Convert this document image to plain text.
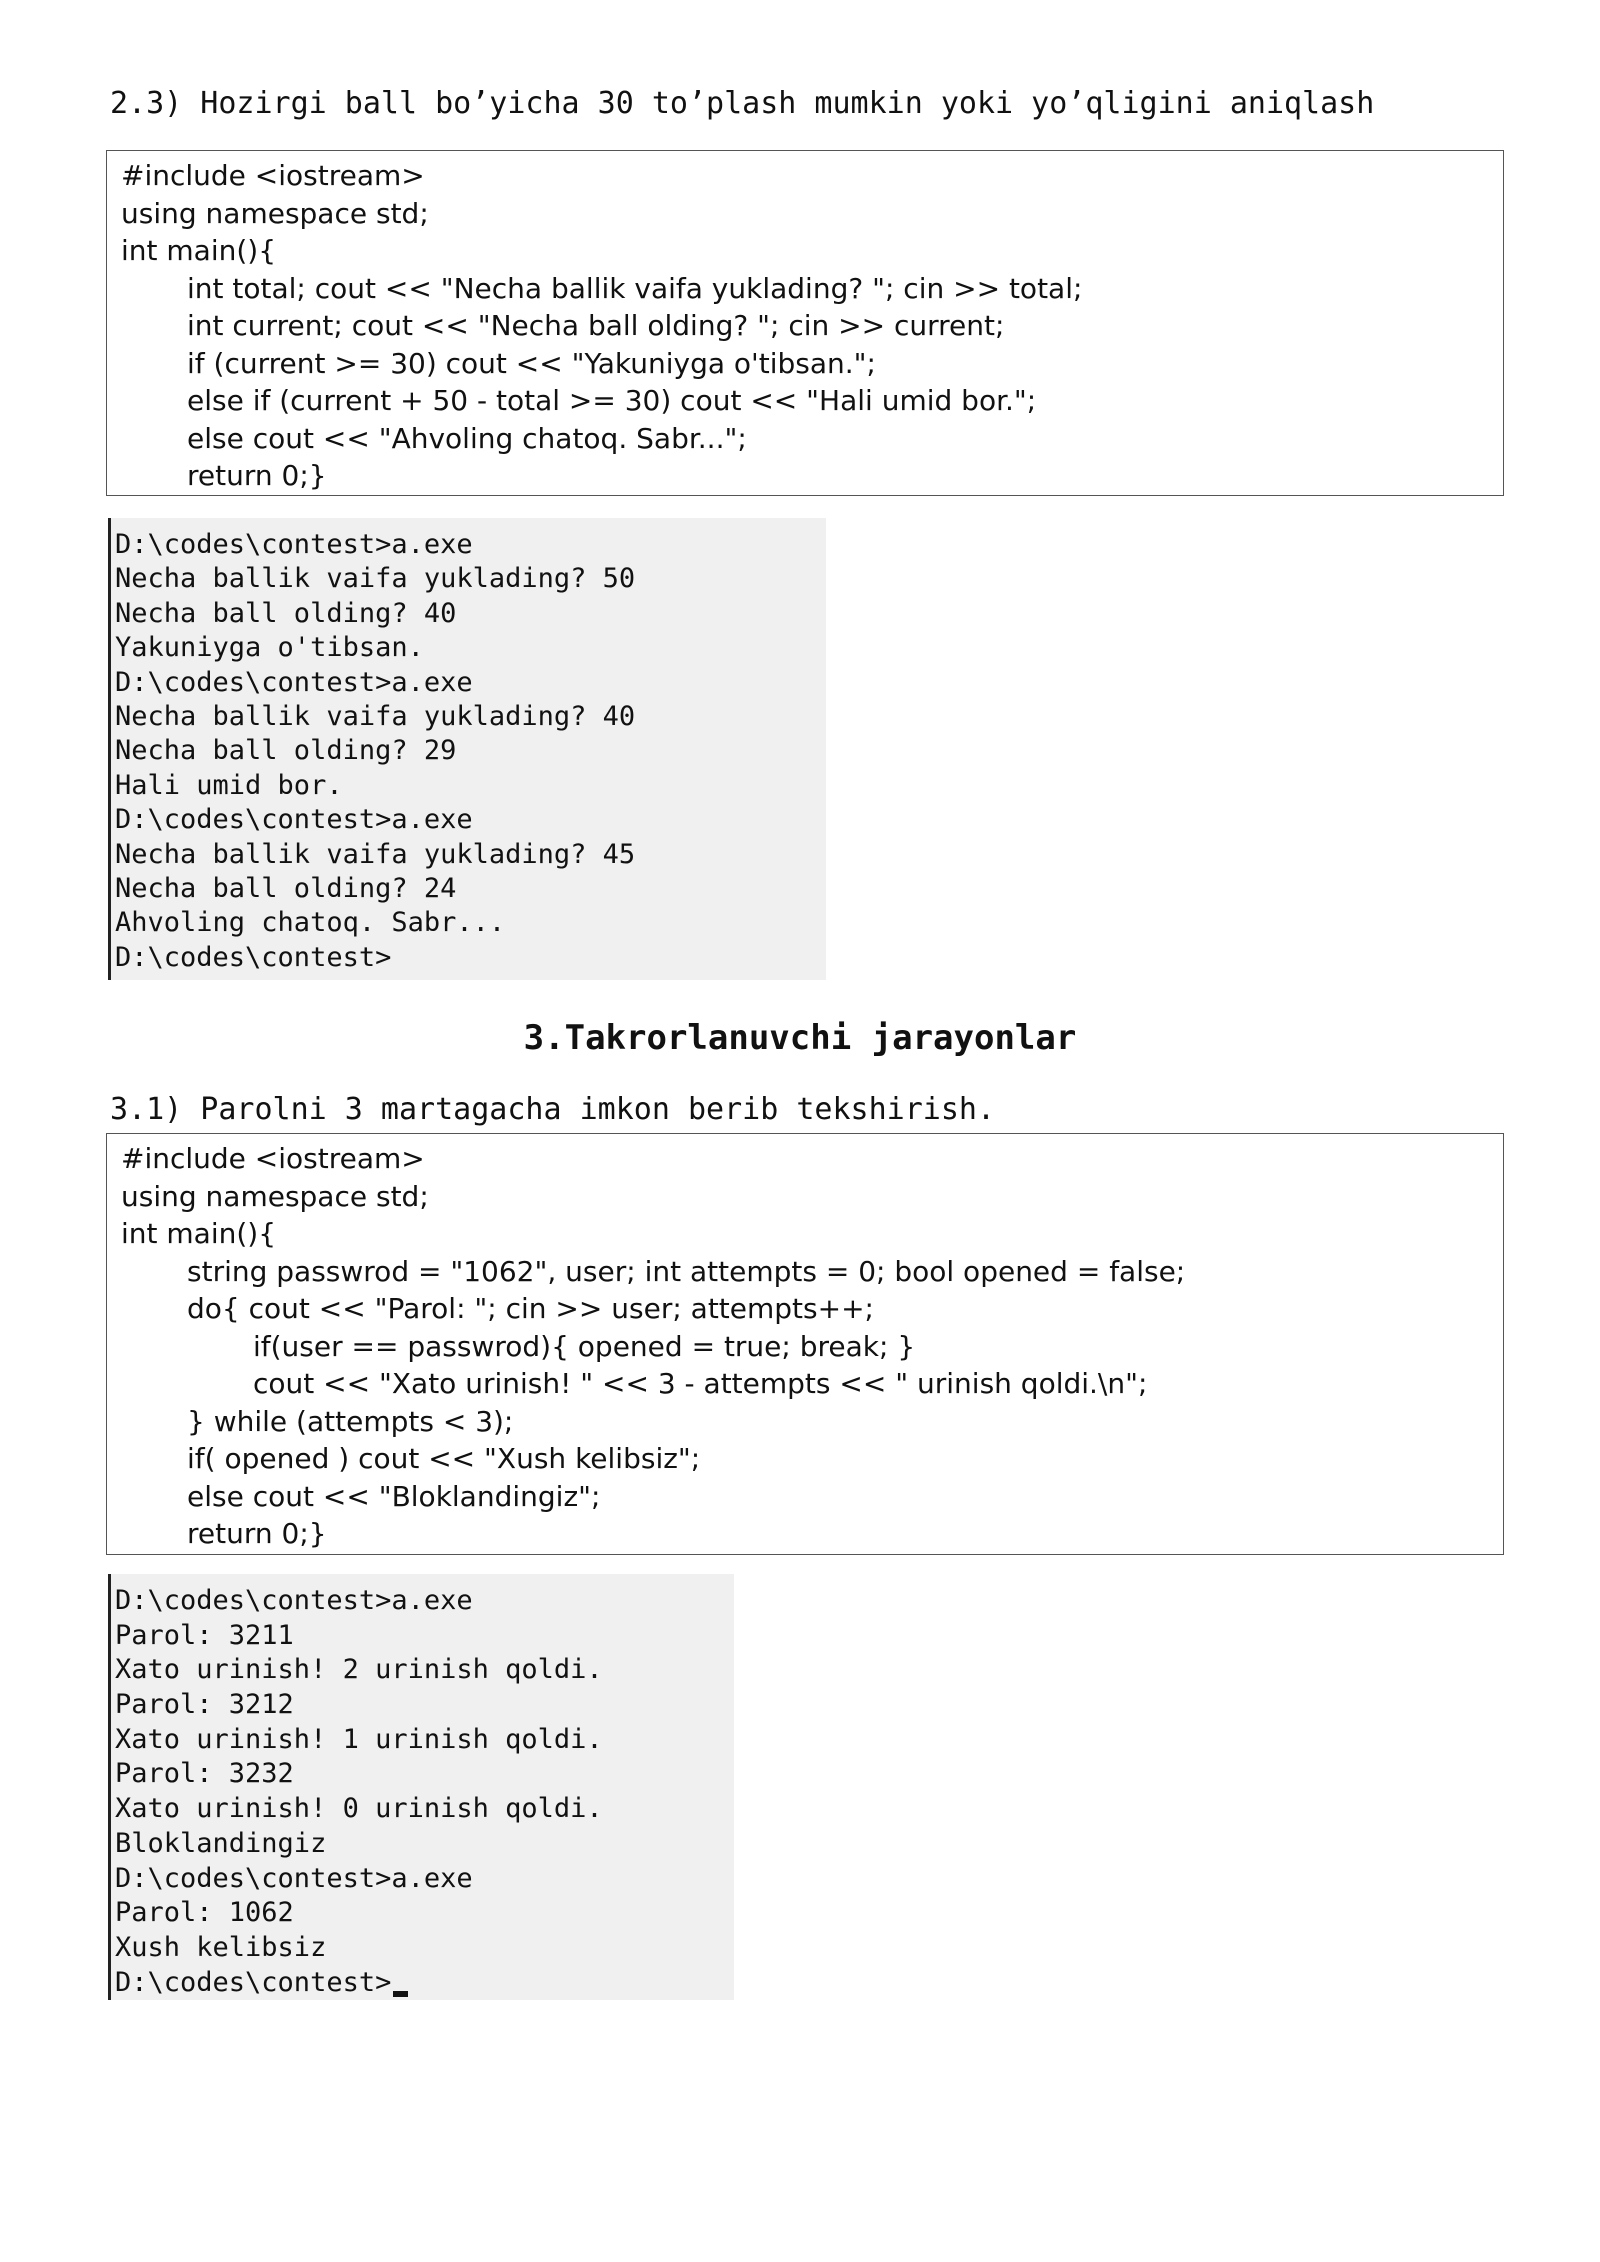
2.3) Hozirgi ball bo’yicha 30 to’plash mumkin yoki yo’qligini aniqlash
#include <iostream>
using namespace std;
int main(){
int total; cout << "Necha ballik vaifa yuklading? "; cin >> total;
int current; cout << "Necha ball olding? "; cin >> current;
if (current >= 30) cout << "Yakuniyga o'tibsan.";
else if (current + 50 - total >= 30) cout << "Hali umid bor.";
else cout << "Ahvoling chatoq. Sabr...";
return 0;}
D:\codes\contest>a.exe
Necha ballik vaifa yuklading? 50
Necha ball olding? 40
Yakuniyga o'tibsan.
D:\codes\contest>a.exe
Necha ballik vaifa yuklading? 40
Necha ball olding? 29
Hali umid bor.
D:\codes\contest>a.exe
Necha ballik vaifa yuklading? 45
Necha ball olding? 24
Ahvoling chatoq. Sabr...
D:\codes\contest>
3.Takrorlanuvchi jarayonlar
3.1) Parolni 3 martagacha imkon berib tekshirish.
#include <iostream>
using namespace std;
int main(){
string passwrod = "1062", user; int attempts = 0; bool opened = false;
do{ cout << "Parol: "; cin >> user; attempts++;
if(user == passwrod){ opened = true; break; }
cout << "Xato urinish! " << 3 - attempts << " urinish qoldi.\n";
} while (attempts < 3);
if( opened ) cout << "Xush kelibsiz";
else cout << "Bloklandingiz";
return 0;}
D:\codes\contest>a.exe
Parol: 3211
Xato urinish! 2 urinish qoldi.
Parol: 3212
Xato urinish! 1 urinish qoldi.
Parol: 3232
Xato urinish! 0 urinish qoldi.
Bloklandingiz
D:\codes\contest>a.exe
Parol: 1062
Xush kelibsiz
D:\codes\contest>
